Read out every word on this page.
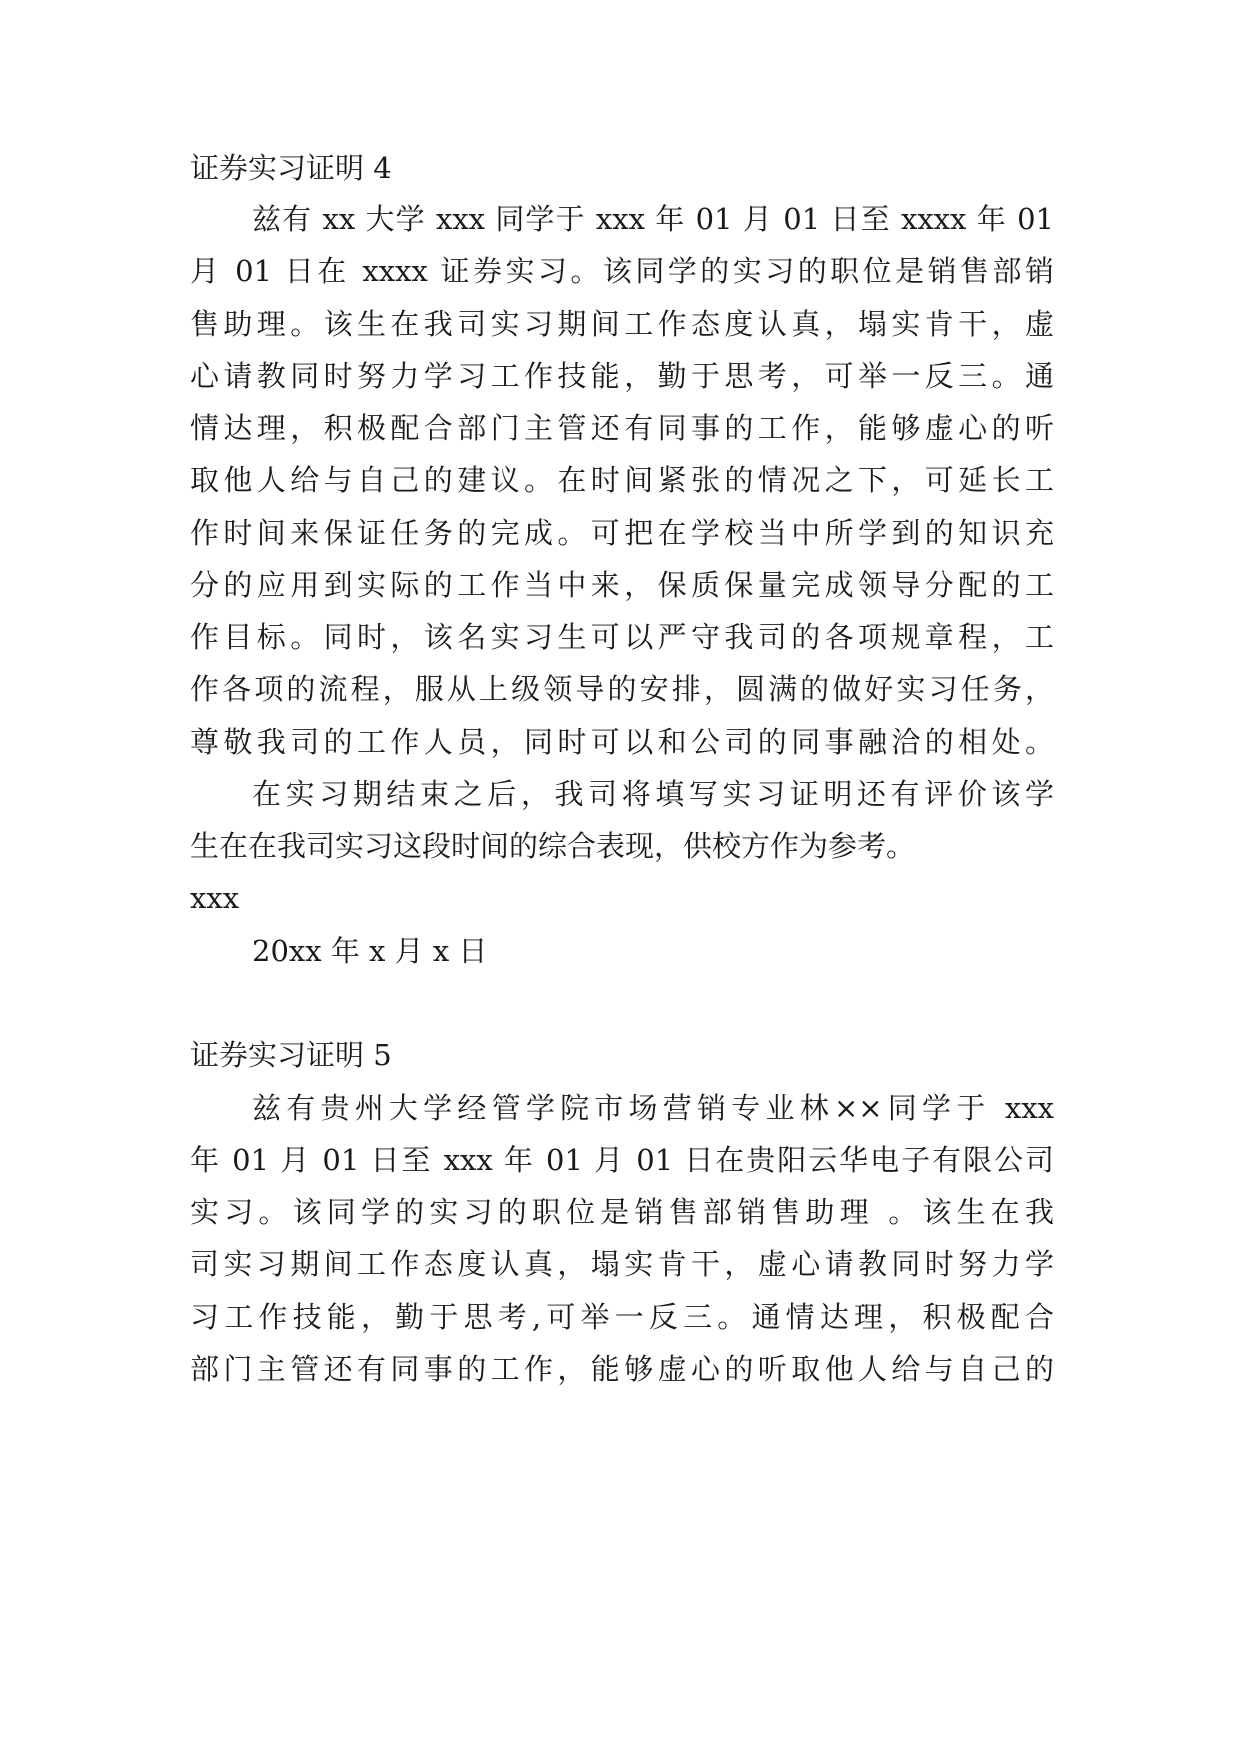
证券实习证明 4
兹有 xx 大学 xxx 同学于 xxx 年 01 月 01 日至 xxxx 年 01
月 01 日在 xxxx 证券实习。该同学的实习的职位是销售部销
售助理。该生在我司实习期间工作态度认真，塌实肯干，虚
心请教同时努力学习工作技能，勤于思考，可举一反三。通
情达理，积极配合部门主管还有同事的工作，能够虚心的听
取他人给与自己的建议。在时间紧张的情况之下，可延长工
作时间来保证任务的完成。可把在学校当中所学到的知识充
分的应用到实际的工作当中来，保质保量完成领导分配的工
作目标。同时，该名实习生可以严守我司的各项规章程，工
作各项的流程，服从上级领导的安排，圆满的做好实习任务，
尊敬我司的工作人员，同时可以和公司的同事融洽的相处。
在实习期结束之后，我司将填写实习证明还有评价该学
生在在我司实习这段时间的综合表现，供校方作为参考。
xxx
20xx 年 x 月 x 日
证券实习证明 5
兹有贵州大学经管学院市场营销专业林××同学于 xxx
年 01 月 01 日至 xxx 年 01 月 01 日在贵阳云华电子有限公司
实习。该同学的实习的职位是销售部销售助理 。该生在我
司实习期间工作态度认真，塌实肯干，虚心请教同时努力学
习工作技能，勤于思考,可举一反三。通情达理，积极配合
部门主管还有同事的工作，能够虚心的听取他人给与自己的
